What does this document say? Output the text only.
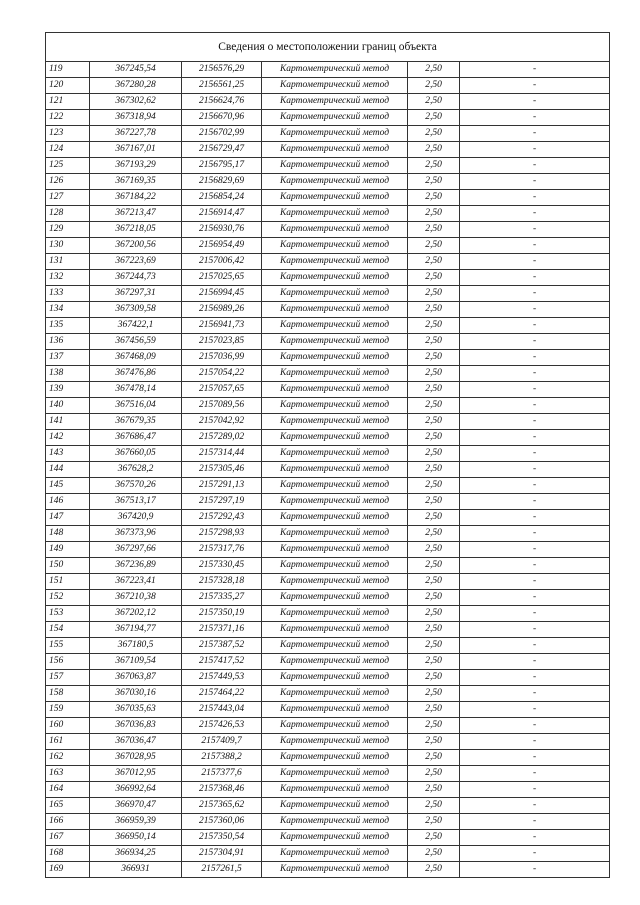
Сведения о местоположении границ объекта					
119	367245,54	2156576,29	Картометрический метод	2,50	-
120	367280,28	2156561,25	Картометрический метод	2,50	-
121	367302,62	2156624,76	Картометрический метод	2,50	-
122	367318,94	2156670,96	Картометрический метод	2,50	-
123	367227,78	2156702,99	Картометрический метод	2,50	-
124	367167,01	2156729,47	Картометрический метод	2,50	-
125	367193,29	2156795,17	Картометрический метод	2,50	-
126	367169,35	2156829,69	Картометрический метод	2,50	-
127	367184,22	2156854,24	Картометрический метод	2,50	-
128	367213,47	2156914,47	Картометрический метод	2,50	-
129	367218,05	2156930,76	Картометрический метод	2,50	-
130	367200,56	2156954,49	Картометрический метод	2,50	-
131	367223,69	2157006,42	Картометрический метод	2,50	-
132	367244,73	2157025,65	Картометрический метод	2,50	-
133	367297,31	2156994,45	Картометрический метод	2,50	-
134	367309,58	2156989,26	Картометрический метод	2,50	-
135	367422,1	2156941,73	Картометрический метод	2,50	-
136	367456,59	2157023,85	Картометрический метод	2,50	-
137	367468,09	2157036,99	Картометрический метод	2,50	-
138	367476,86	2157054,22	Картометрический метод	2,50	-
139	367478,14	2157057,65	Картометрический метод	2,50	-
140	367516,04	2157089,56	Картометрический метод	2,50	-
141	367679,35	2157042,92	Картометрический метод	2,50	-
142	367686,47	2157289,02	Картометрический метод	2,50	-
143	367660,05	2157314,44	Картометрический метод	2,50	-
144	367628,2	2157305,46	Картометрический метод	2,50	-
145	367570,26	2157291,13	Картометрический метод	2,50	-
146	367513,17	2157297,19	Картометрический метод	2,50	-
147	367420,9	2157292,43	Картометрический метод	2,50	-
148	367373,96	2157298,93	Картометрический метод	2,50	-
149	367297,66	2157317,76	Картометрический метод	2,50	-
150	367236,89	2157330,45	Картометрический метод	2,50	-
151	367223,41	2157328,18	Картометрический метод	2,50	-
152	367210,38	2157335,27	Картометрический метод	2,50	-
153	367202,12	2157350,19	Картометрический метод	2,50	-
154	367194,77	2157371,16	Картометрический метод	2,50	-
155	367180,5	2157387,52	Картометрический метод	2,50	-
156	367109,54	2157417,52	Картометрический метод	2,50	-
157	367063,87	2157449,53	Картометрический метод	2,50	-
158	367030,16	2157464,22	Картометрический метод	2,50	-
159	367035,63	2157443,04	Картометрический метод	2,50	-
160	367036,83	2157426,53	Картометрический метод	2,50	-
161	367036,47	2157409,7	Картометрический метод	2,50	-
162	367028,95	2157388,2	Картометрический метод	2,50	-
163	367012,95	2157377,6	Картометрический метод	2,50	-
164	366992,64	2157368,46	Картометрический метод	2,50	-
165	366970,47	2157365,62	Картометрический метод	2,50	-
166	366959,39	2157360,06	Картометрический метод	2,50	-
167	366950,14	2157350,54	Картометрический метод	2,50	-
168	366934,25	2157304,91	Картометрический метод	2,50	-
169	366931	2157261,5	Картометрический метод	2,50	-
